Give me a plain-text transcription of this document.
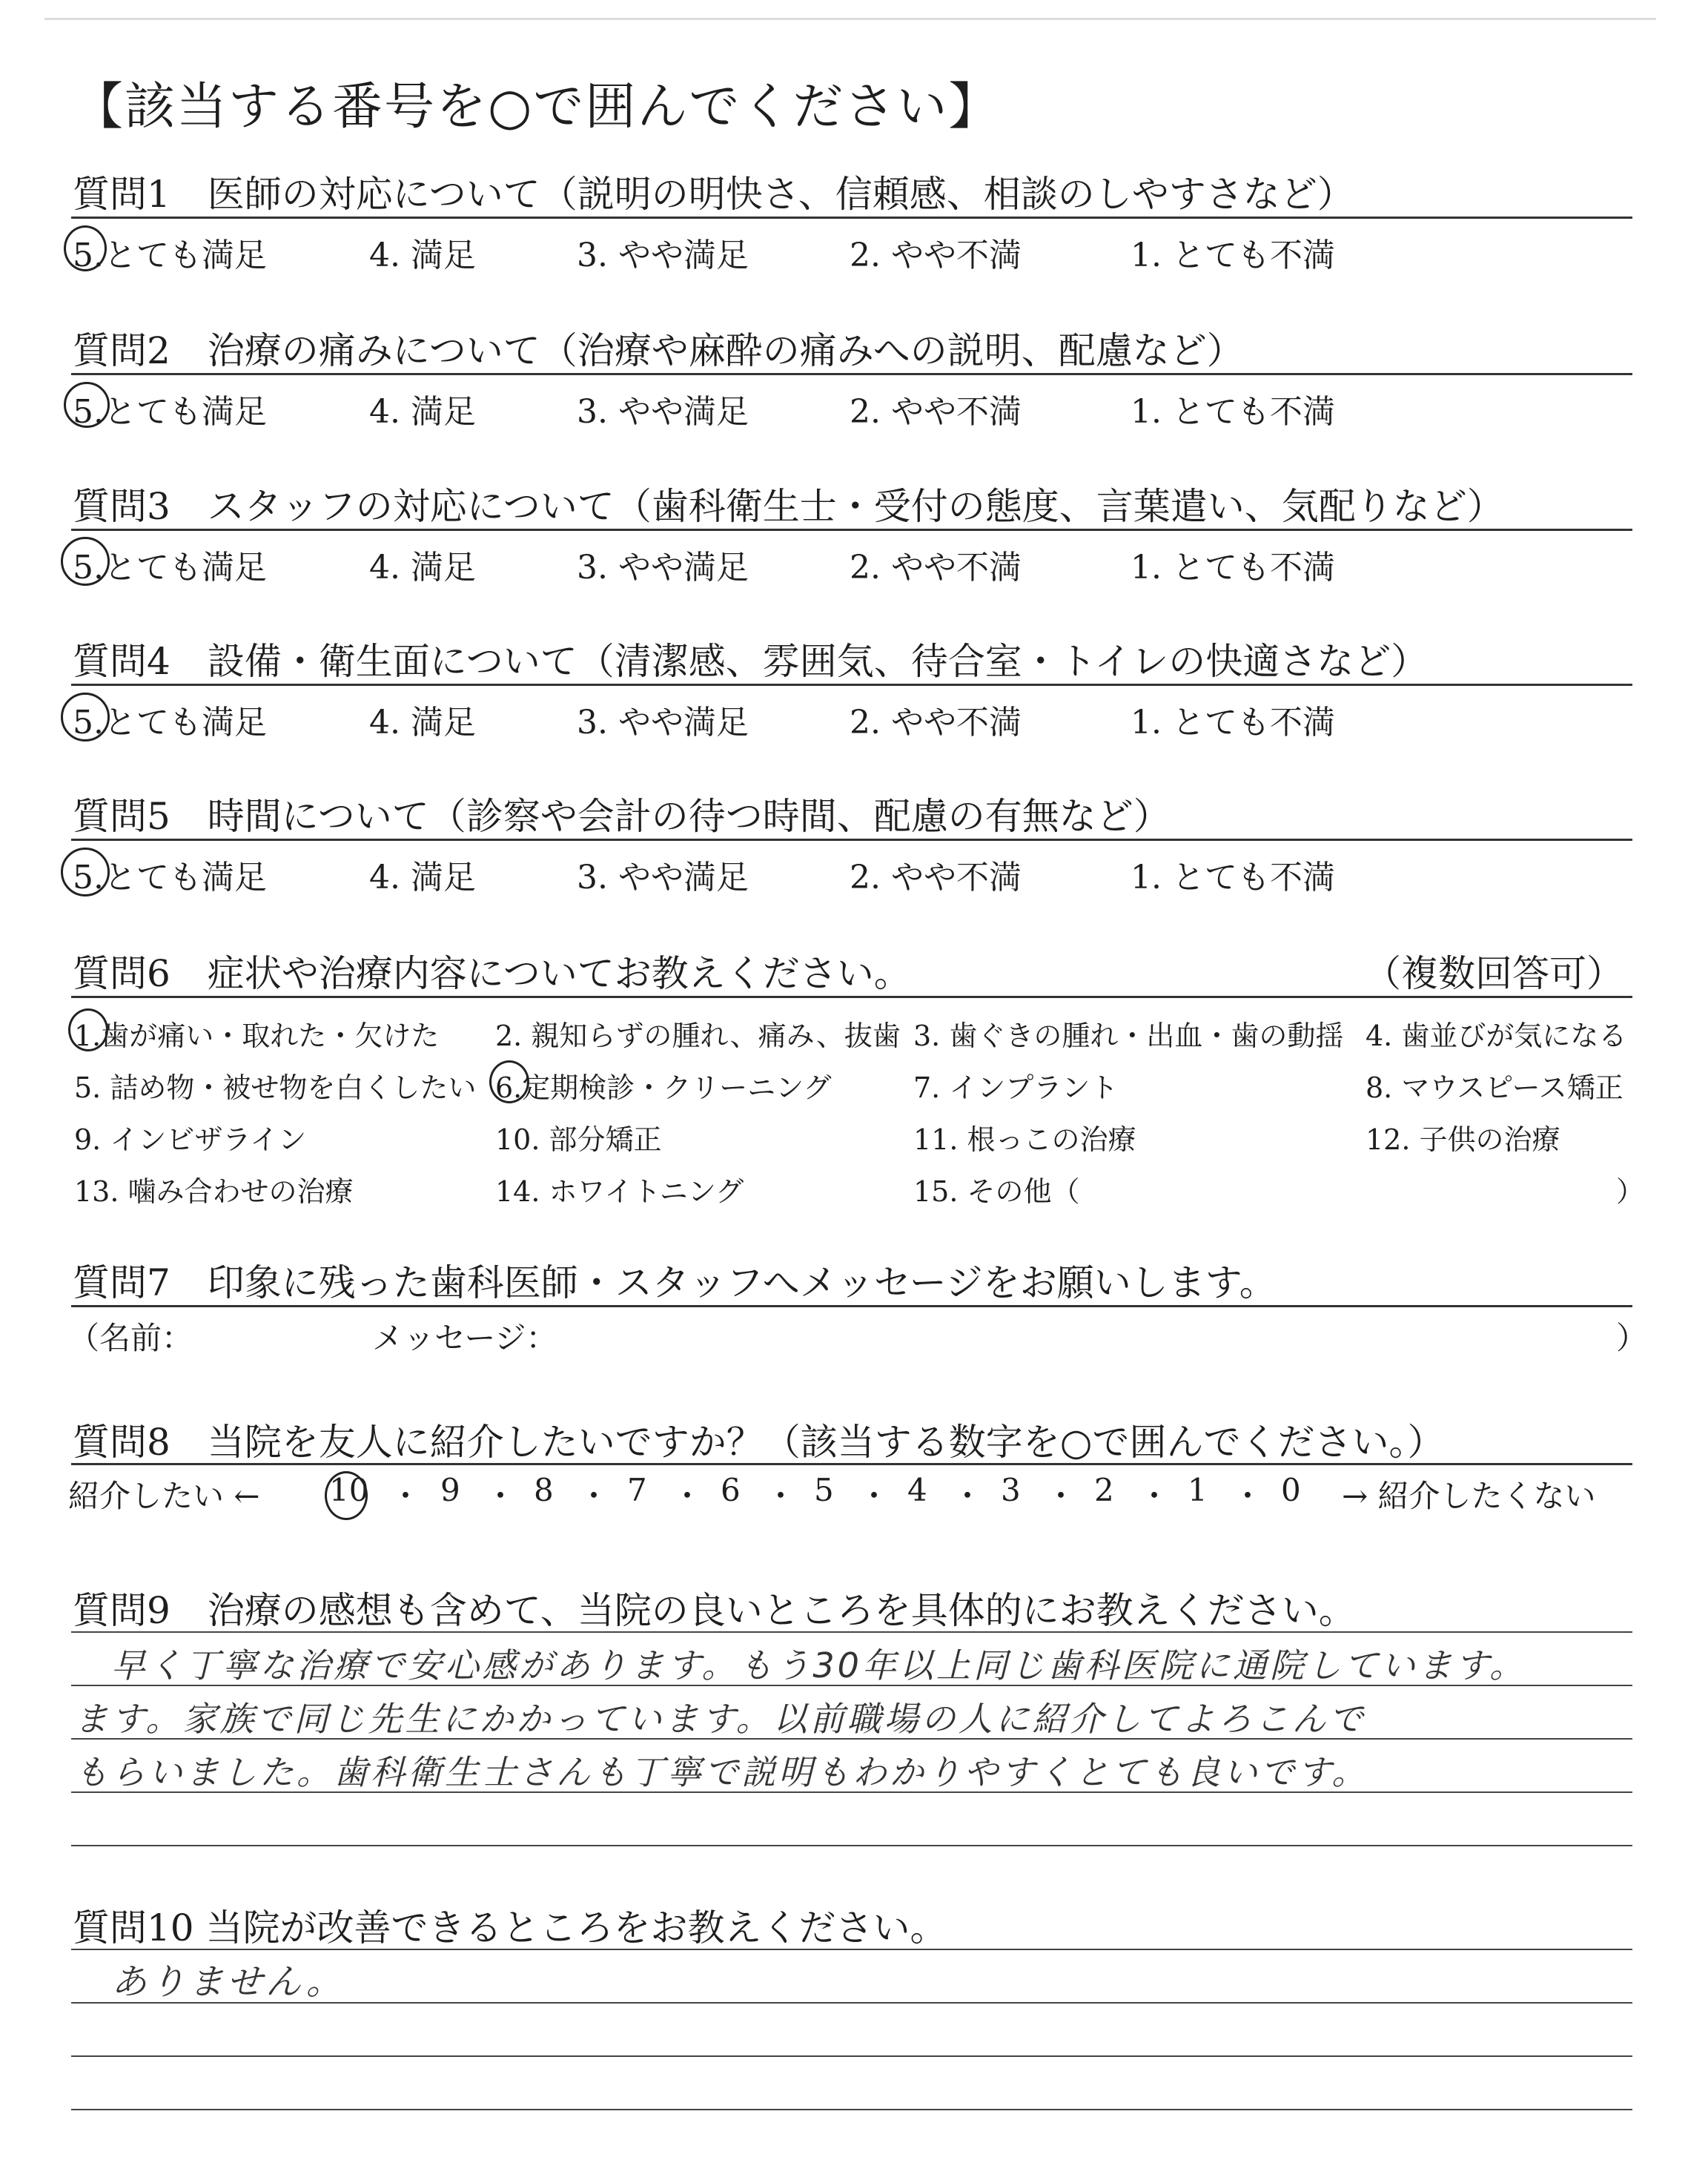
【該当する番号を○で囲んでください】
質問1　医師の対応について（説明の明快さ、信頼感、相談のしやすさなど）
5.とても満足	4. 満足	3. やや満足	2. やや不満	1. とても不満
質問2　治療の痛みについて（治療や麻酔の痛みへの説明、配慮など）
5.とても満足	4. 満足	3. やや満足	2. やや不満	1. とても不満
質問3　スタッフの対応について（歯科衛生士・受付の態度、言葉遣い、気配りなど）
5.とても満足	4. 満足	3. やや満足	2. やや不満	1. とても不満
質問4　設備・衛生面について（清潔感、雰囲気、待合室・トイレの快適さなど）
5.とても満足	4. 満足	3. やや満足	2. やや不満	1. とても不満
質問5　時間について（診察や会計の待つ時間、配慮の有無など）
5.とても満足	4. 満足	3. やや満足	2. やや不満	1. とても不満
質問6　症状や治療内容についてお教えください。	（複数回答可）
1.歯が痛い・取れた・欠けた 2. 親知らずの腫れ、痛み、抜歯 3. 歯ぐきの腫れ・出血・歯の動揺 4. 歯並びが気になる
5. 詰め物・被せ物を白くしたい 6.定期検診・クリーニング	7. インプラント	8. マウスピース矯正
9. インビザライン	10. 部分矯正	11. 根っこの治療	12. 子供の治療
13. 噛み合わせの治療	14. ホワイトニング	15. その他（	）
質問7　印象に残った歯科医師・スタッフへメッセージをお願いします。
（名前：	メッセージ：	）
質問8　当院を友人に紹介したいですか？（該当する数字を○で囲んでください。）
紹介したい ← 10 ・ 9 ・ 8 ・ 7 ・ 6 ・ 5 ・ 4 ・ 3 ・ 2 ・ 1 ・ 0 → 紹介したくない
質問9　治療の感想も含めて、当院の良いところを具体的にお教えください。
早く丁寧な治療で安心感があります。もう30年以上同じ歯科医院に通院しています。
ます。家族で同じ先生にかかっています。以前職場の人に紹介してよろこんで
もらいました。歯科衛生士さんも丁寧で説明もわかりやすくとても良いです。
質問10 当院が改善できるところをお教えください。
ありません。
